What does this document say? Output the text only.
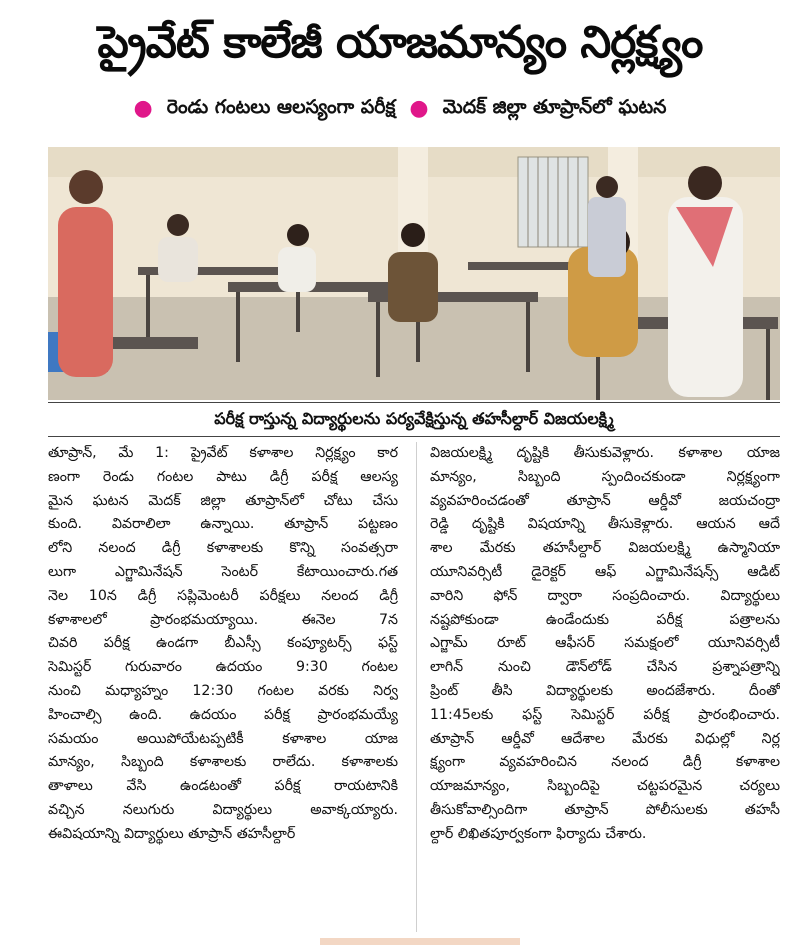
ప్రైవేట్ కాలేజీ యాజమాన్యం నిర్లక్ష్యం
● రెండు గంటలు ఆలస్యంగా పరీక్ష ● మెదక్ జిల్లా తూప్రాన్‌లో ఘటన
పరీక్ష రాస్తున్న విద్యార్థులను పర్యవేక్షిస్తున్న తహసీల్దార్ విజయలక్ష్మి
తూప్రాన్, మే 1: ప్రైవేట్ కళాశాల నిర్లక్ష్యం కార
ణంగా రెండు గంటల పాటు డిగ్రీ పరీక్ష ఆలస్య
మైన ఘటన మెదక్ జిల్లా తూప్రాన్‌లో చోటు చేసు
కుంది. వివరాలిలా ఉన్నాయి. తూప్రాన్ పట్టణం
లోని నలంద డిగ్రీ కళాశాలకు కొన్ని సంవత్సరా
లుగా ఎగ్జామినేషన్ సెంటర్ కేటాయించారు.గత
నెల 10న డిగ్రీ సప్లిమెంటరీ పరీక్షలు నలంద డిగ్రీ
కళాశాలలో ప్రారంభమయ్యాయి. ఈనెల 7న
చివరి పరీక్ష ఉండగా బీఎస్సీ కంప్యూటర్స్ ఫస్ట్
సెమిస్టర్ గురువారం ఉదయం 9:30 గంటల
నుంచి మధ్యాహ్నం 12:30 గంటల వరకు నిర్వ
హించాల్సి ఉంది. ఉదయం పరీక్ష ప్రారంభమయ్యే
సమయం అయిపోయేటప్పటికీ కళాశాల యాజ
మాన్యం, సిబ్బంది కళాశాలకు రాలేదు. కళాశాలకు
తాళాలు వేసి ఉండటంతో పరీక్ష రాయటానికి
వచ్చిన నలుగురు విద్యార్థులు అవాక్కయ్యారు.
ఈవిషయాన్ని విద్యార్థులు తూప్రాన్ తహసీల్దార్
విజయలక్ష్మి దృష్టికి తీసుకువెళ్లారు. కళాశాల యాజ
మాన్యం, సిబ్బంది స్పందించకుండా నిర్లక్ష్యంగా
వ్యవహరించడంతో తూప్రాన్ ఆర్డీవో జయచంద్రా
రెడ్డి దృష్టికి విషయాన్ని తీసుకెళ్లారు. ఆయన ఆదే
శాల మేరకు తహసీల్దార్ విజయలక్ష్మి ఉస్మానియా
యూనివర్సిటీ డైరెక్టర్ ఆఫ్ ఎగ్జామినేషన్స్ ఆడిట్
వారిని ఫోన్ ద్వారా సంప్రదించారు. విద్యార్థులు
నష్టపోకుండా ఉండేందుకు పరీక్ష పత్రాలను
ఎగ్జామ్ రూట్ ఆఫీసర్ సమక్షంలో యూనివర్సిటీ
లాగిన్ నుంచి డౌన్‌లోడ్ చేసిన ప్రశ్నాపత్రాన్ని
ప్రింట్ తీసి విద్యార్థులకు అందజేశారు. దీంతో
11:45లకు ఫస్ట్ సెమిస్టర్ పరీక్ష ప్రారంభించారు.
తూప్రాన్ ఆర్డీవో ఆదేశాల మేరకు విధుల్లో నిర్ల
క్ష్యంగా వ్యవహరించిన నలంద డిగ్రీ కళాశాల
యాజమాన్యం, సిబ్బందిపై చట్టపరమైన చర్యలు
తీసుకోవాల్సిందిగా తూప్రాన్ పోలీసులకు తహసీ
ల్దార్ లిఖితపూర్వకంగా ఫిర్యాదు చేశారు.
